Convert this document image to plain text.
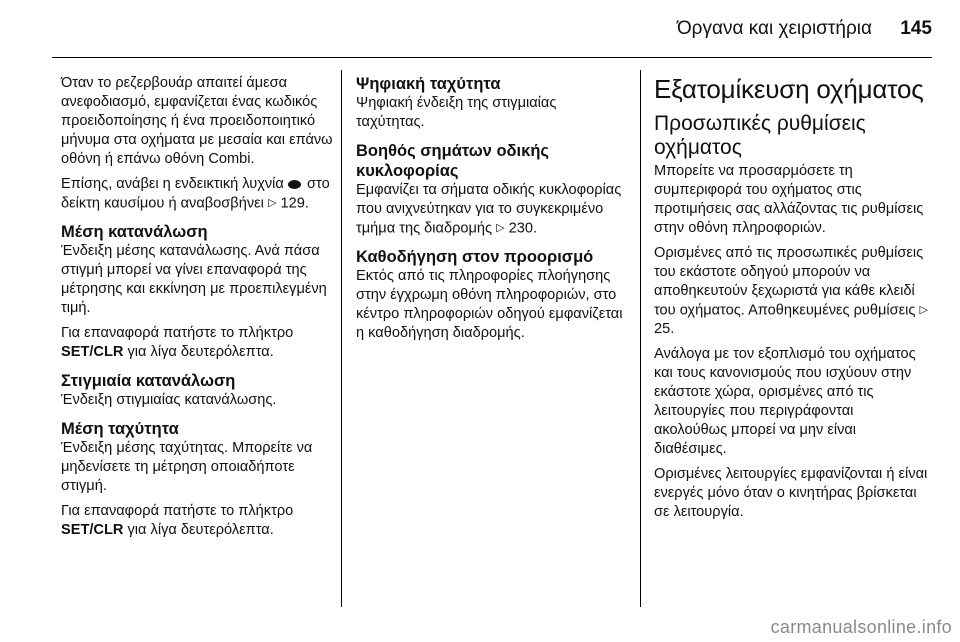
Όργανα και χειριστήρια 145

Όταν το ρεζερβουάρ απαιτεί άμεσα ανεφοδιασμό, εμφανίζεται ένας κωδικός προειδοποίησης ή ένα προειδοποιητικό μήνυμα στα οχήματα με μεσαία και επάνω οθόνη ή επάνω οθόνη Combi.

Επίσης, ανάβει η ενδεικτική λυχνία στο δείκτη καυσίμου ή αναβοσβήνει ▷ 129.

Μέση κατανάλωση

Ένδειξη μέσης κατανάλωσης. Ανά πάσα στιγμή μπορεί να γίνει επαναφορά της μέτρησης και εκκίνηση με προεπιλεγμένη τιμή.

Για επαναφορά πατήστε το πλήκτρο SET/CLR για λίγα δευτερόλεπτα.

Στιγμιαία κατανάλωση

Ένδειξη στιγμιαίας κατανάλωσης.

Μέση ταχύτητα

Ένδειξη μέσης ταχύτητας. Μπορείτε να μηδενίσετε τη μέτρηση οποιαδήποτε στιγμή.

Για επαναφορά πατήστε το πλήκτρο SET/CLR για λίγα δευτερόλεπτα.

Ψηφιακή ταχύτητα

Ψηφιακή ένδειξη της στιγμιαίας ταχύτητας.

Βοηθός σημάτων οδικής κυκλοφορίας

Εμφανίζει τα σήματα οδικής κυκλοφορίας που ανιχνεύτηκαν για το συγκεκριμένο τμήμα της διαδρομής ▷ 230.

Καθοδήγηση στον προορισμό

Εκτός από τις πληροφορίες πλοήγησης στην έγχρωμη οθόνη πληροφοριών, στο κέντρο πληροφοριών οδηγού εμφανίζεται η καθοδήγηση διαδρομής.

Εξατομίκευση οχήματος
Προσωπικές ρυθμίσεις οχήματος

Μπορείτε να προσαρμόσετε τη συμπεριφορά του οχήματος στις προτιμήσεις σας αλλάζοντας τις ρυθμίσεις στην οθόνη πληροφοριών.

Ορισμένες από τις προσωπικές ρυθμίσεις του εκάστοτε οδηγού μπορούν να αποθηκευτούν ξεχωριστά για κάθε κλειδί του οχήματος. Αποθηκευμένες ρυθμίσεις ▷ 25.

Ανάλογα με τον εξοπλισμό του οχήματος και τους κανονισμούς που ισχύουν στην εκάστοτε χώρα, ορισμένες από τις λειτουργίες που περιγράφονται ακολούθως μπορεί να μην είναι διαθέσιμες.

Ορισμένες λειτουργίες εμφανίζονται ή είναι ενεργές μόνο όταν ο κινητήρας βρίσκεται σε λειτουργία.

carmanualsonline.info
